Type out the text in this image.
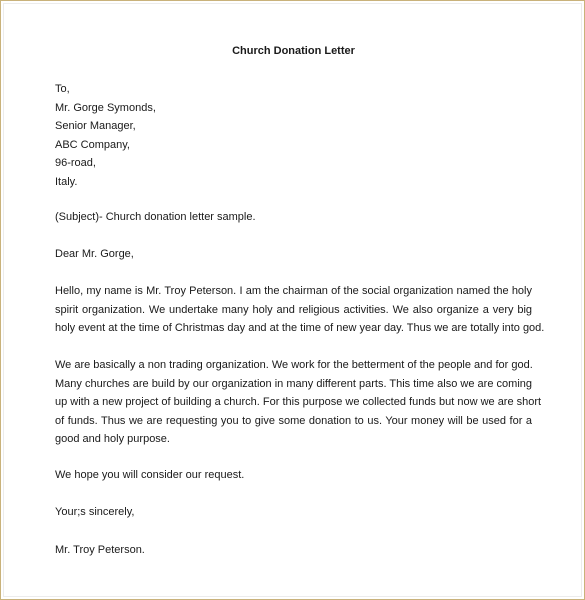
Church Donation Letter
To,
Mr. Gorge Symonds,
Senior Manager,
ABC Company,
96-road,
Italy.
(Subject)- Church donation letter sample.
Dear Mr. Gorge,
Hello, my name is Mr. Troy Peterson. I am the chairman of the social organization named the holy
spirit organization. We undertake many holy and religious activities. We also organize a very big
holy event at the time of Christmas day and at the time of new year day. Thus we are totally into god.
We are basically a non trading organization. We work for the betterment of the people and for god.
Many churches are build by our organization in many different parts. This time also we are coming
up with a new project of building a church. For this purpose we collected funds but now we are short
of funds. Thus we are requesting you to give some donation to us. Your money will be used for a
good and holy purpose.
We hope you will consider our request.
Your;s sincerely,
Mr. Troy Peterson.
